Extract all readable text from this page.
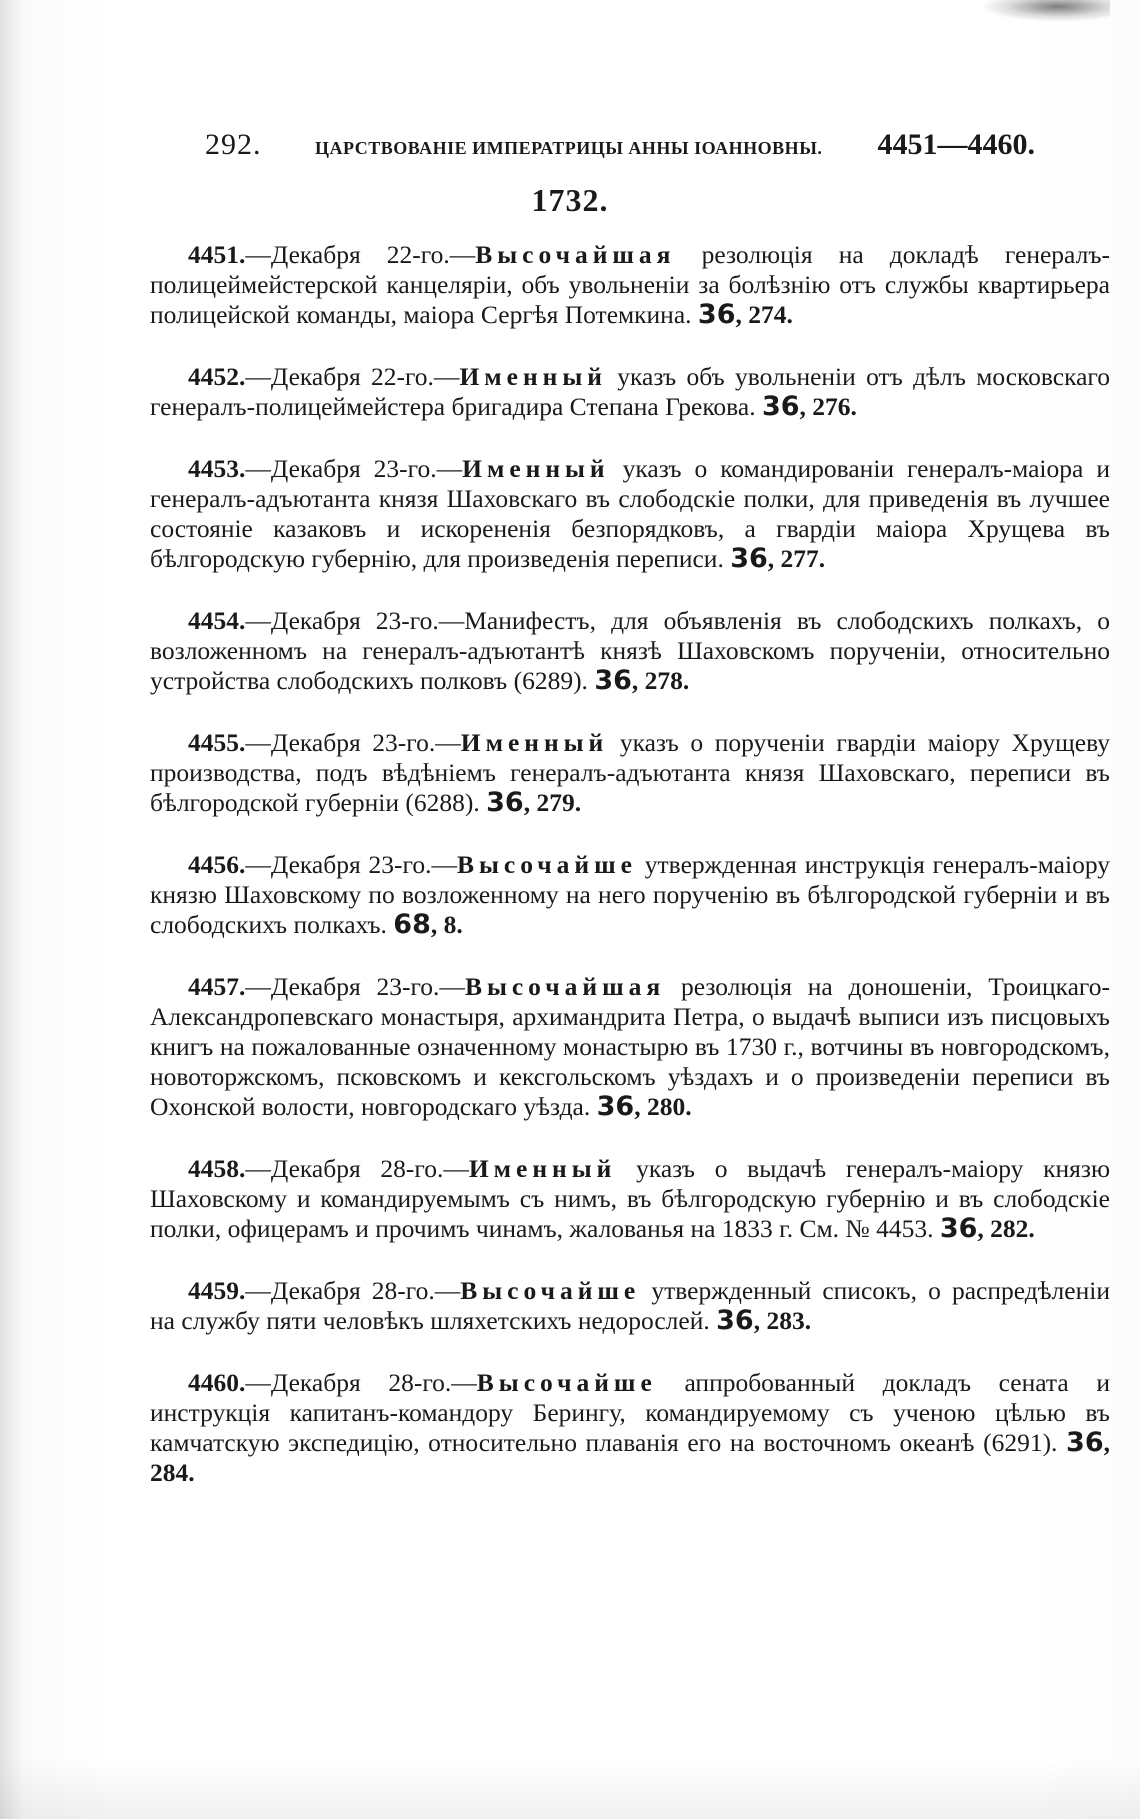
292.	ЦАРСТВОВАНІЕ ИМПЕРАТРИЦЫ АННЫ ІОАННОВНЫ.	4451—4460.
1732.

4451.—Декабря 22-го.—Высочайшая резолюція на докладѣ генералъ-полицеймейстерской канцеляріи, объ увольненіи за болѣзнію отъ службы квартирьера полицейской команды, маіора Сергѣя Потемкина. 36, 274.

4452.—Декабря 22-го.—Именный указъ объ увольненіи отъ дѣлъ московскаго генералъ-полицеймейстера бригадира Степана Грекова. 36, 276.

4453.—Декабря 23-го.—Именный указъ о командированіи генералъ-маіора и генералъ-адъютанта князя Шаховскаго въ слободскіе полки, для приведенія въ лучшее состояніе казаковъ и искорененія безпорядковъ, а гвардіи маіора Хрущева въ бѣлгородскую губернію, для произведенія переписи. 36, 277.

4454.—Декабря 23-го.—Манифестъ, для объявленія въ слободскихъ полкахъ, о возложенномъ на генералъ-адъютантѣ князѣ Шаховскомъ порученіи, относительно устройства слободскихъ полковъ (6289). 36, 278.

4455.—Декабря 23-го.—Именный указъ о порученіи гвардіи маіору Хрущеву производства, подъ вѣдѣніемъ генералъ-адъютанта князя Шаховскаго, переписи въ бѣлгородской губерніи (6288). 36, 279.

4456.—Декабря 23-го.—Высочайше утвержденная инструкція генералъ-маіору князю Шаховскому по возложенному на него порученію въ бѣлгородской губерніи и въ слободскихъ полкахъ. 68, 8.

4457.—Декабря 23-го.—Высочайшая резолюція на доношеніи, Троицкаго-Александропевскаго монастыря, архимандрита Петра, о выдачѣ выписи изъ писцовыхъ книгъ на пожалованные означенному монастырю въ 1730 г., вотчины въ новгородскомъ, новоторжскомъ, псковскомъ и кексгольскомъ уѣздахъ и о произведеніи переписи въ Охонской волости, новгородскаго уѣзда. 36, 280.

4458.—Декабря 28-го.—Именный указъ о выдачѣ генералъ-маіору князю Шаховскому и командируемымъ съ нимъ, въ бѣлгородскую губернію и въ слободскіе полки, офицерамъ и прочимъ чинамъ, жалованья на 1833 г. См. № 4453. 36, 282.

4459.—Декабря 28-го.—Высочайше утвержденный списокъ, о распредѣленіи на службу пяти человѣкъ шляхетскихъ недорослей. 36, 283.

4460.—Декабря 28-го.—Высочайше аппробованный докладъ сената и инструкція капитанъ-командору Берингу, командируемому съ ученою цѣлью въ камчатскую экспедицію, относительно плаванія его на восточномъ океанѣ (6291). 36, 284.
